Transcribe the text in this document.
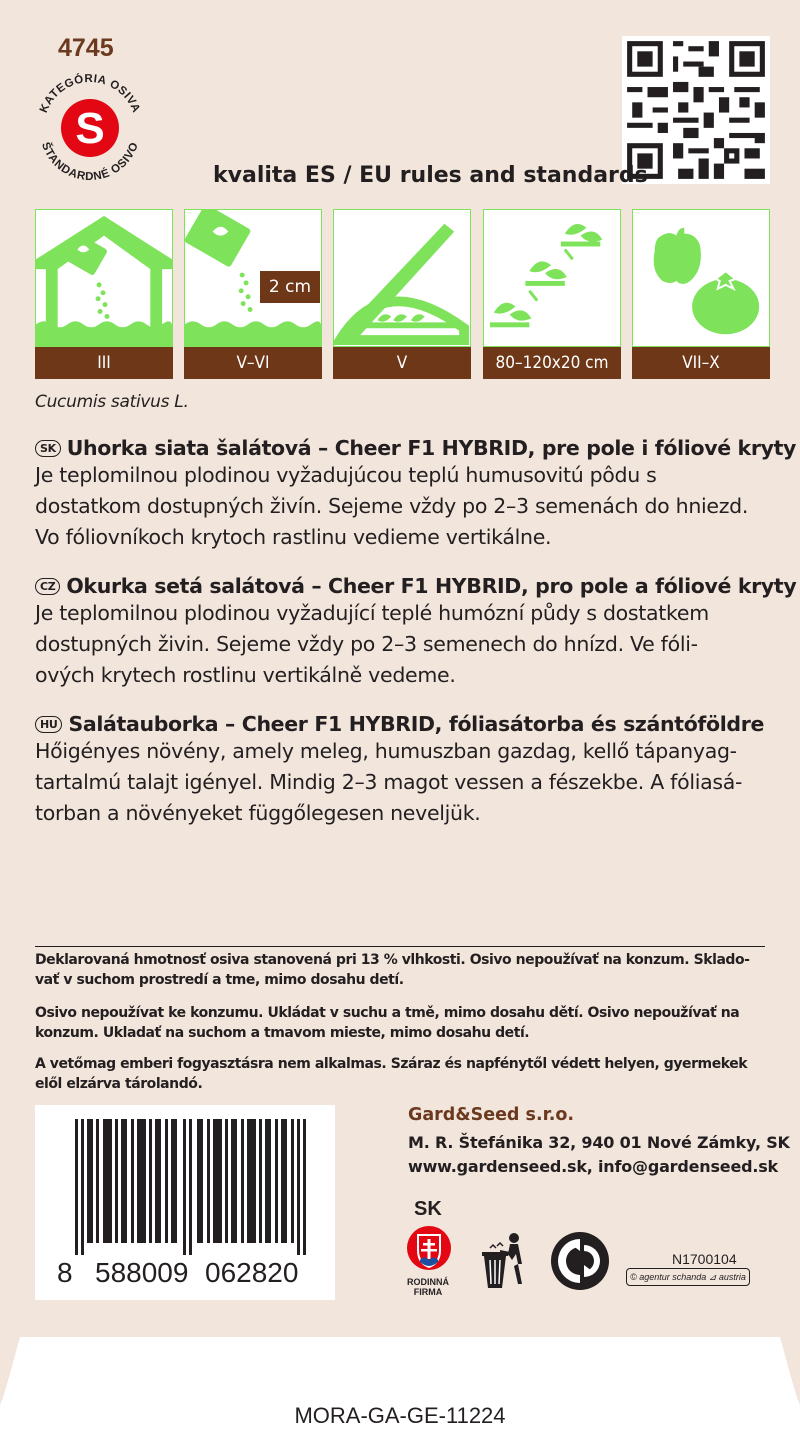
4745
KATEGÓRIA OSIVA
ŠTANDARDNÉ OSIVO
S
kvalita ES / EU rules and standards
III
2 cm
V–VI	V	80–120x20 cm	VII–X
Cucumis sativus L.
SK Uhorka siata šalátová – Cheer F1 HYBRID, pre pole i fóliové kryty
Je teplomilnou plodinou vyžadujúcou teplú humusovitú pôdu s
dostatkom dostupných živín. Sejeme vždy po 2–3 semenách do hniezd.
Vo fóliovníkoch krytoch rastlinu vedieme vertikálne.
CZ Okurka setá salátová – Cheer F1 HYBRID, pro pole a fóliové kryty
Je teplomilnou plodinou vyžadující teplé humózní půdy s dostatkem
dostupných živin. Sejeme vždy po 2–3 semenech do hnízd. Ve fóli-
ových krytech rostlinu vertikálně vedeme.
HU Salátauborka – Cheer F1 HYBRID, fóliasátorba és szántóföldre
Hőigényes növény, amely meleg, humuszban gazdag, kellő tápanyag-
tartalmú talajt igényel. Mindig 2–3 magot vessen a fészekbe. A fóliasá-
torban a növényeket függőlegesen neveljük.
Deklarovaná hmotnosť osiva stanovená pri 13 % vlhkosti. Osivo nepoužívať na konzum. Sklado-
vať v suchom prostredí a tme, mimo dosahu detí.
Osivo nepoužívat ke konzumu. Ukládat v suchu a tmě, mimo dosahu dětí. Osivo nepoužívať na
konzum. Ukladať na suchom a tmavom mieste, mimo dosahu detí.
A vetőmag emberi fogyasztásra nem alkalmas. Száraz és napfénytől védett helyen, gyermekek
elől elzárva tárolandó.
8 588009 062820
Gard&Seed s.r.o.
M. R. Štefánika 32, 940 01 Nové Zámky, SK
www.gardenseed.sk, info@gardenseed.sk
SK
RODINNÁ
FIRMA
N1700104
© agentur schanda ⊿ austria
MORA-GA-GE-11224
